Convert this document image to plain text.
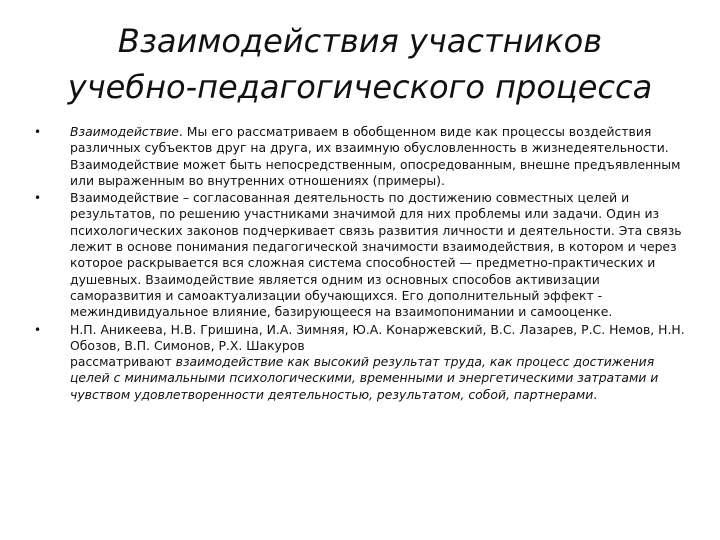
Взаимодействия участников
учебно-педагогического процесса
• Взаимодействие. Мы его рассматриваем в обобщенном виде как процессы воздействия различных субъектов друг на друга, их взаимную обусловленность в жизнедеятельности. Взаимодействие может быть непосредственным, опосредованным, внешне предъявленным или выраженным во внутренних отношениях (примеры).
• Взаимодействие – согласованная деятельность по достижению совместных целей и результатов, по решению участниками значимой для них проблемы или задачи. Один из психологических законов подчеркивает связь развития личности и деятельности. Эта связь лежит в основе понимания педагогической значимости взаимодействия, в котором и через которое раскрывается вся сложная система способностей — предметно-практических и душевных. Взаимодействие является одним из основных способов активизации саморазвития и самоактуализации обучающихся. Его дополнительный эффект - межиндивидуальное влияние, базирующееся на взаимопонимании и самооценке.
• Н.П. Аникеева, Н.В. Гришина, И.А. Зимняя, Ю.А. Конаржевский, В.С. Лазарев, Р.С. Немов, Н.Н. Обозов, В.П. Симонов, Р.Х. Шакуров
рассматривают взаимодействие как высокий результат труда, как процесс достижения целей с минимальными психологическими, временными и энергетическими затратами и чувством удовлетворенности деятельностью, результатом, собой, партнерами.
